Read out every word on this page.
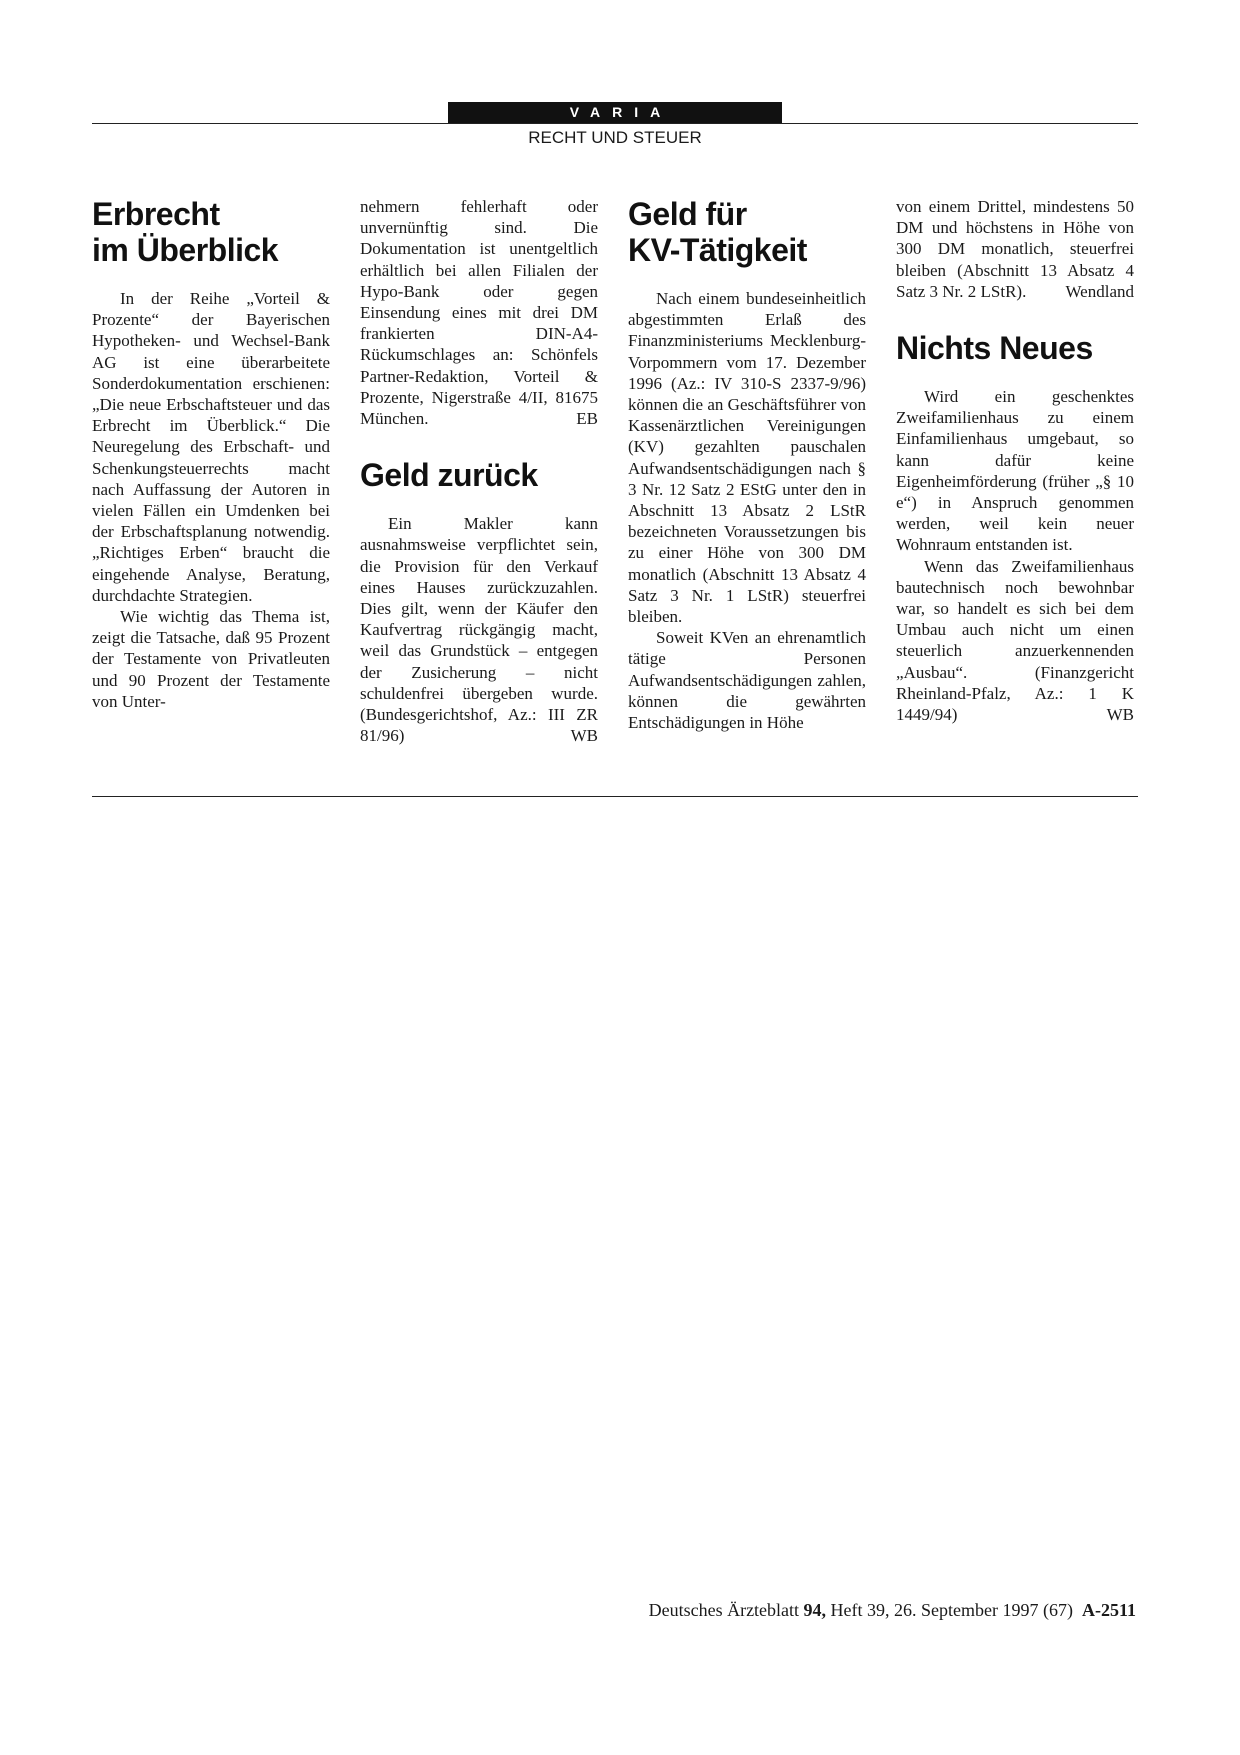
VARIA
RECHT UND STEUER
Erbrecht
im Überblick

In der Reihe „Vorteil & Prozente“ der Bayerischen Hypotheken- und Wechsel-Bank AG ist eine überarbeitete Sonderdokumentation erschienen: „Die neue Erbschaftsteuer und das Erbrecht im Überblick.“ Die Neuregelung des Erbschaft- und Schenkungsteuerrechts macht nach Auffassung der Autoren in vielen Fällen ein Umdenken bei der Erbschaftsplanung notwendig. „Richtiges Erben“ braucht die eingehende Analyse, Beratung, durchdachte Strategien.

Wie wichtig das Thema ist, zeigt die Tatsache, daß 95 Prozent der Testamente von Privatleuten und 90 Prozent der Testamente von Unter-

nehmern fehlerhaft oder unvernünftig sind. Die Dokumentation ist unentgeltlich erhältlich bei allen Filialen der Hypo-Bank oder gegen Einsendung eines mit drei DM frankierten DIN-A4-Rückumschlages an: Schönfels Partner-Redaktion, Vorteil & Prozente, Nigerstraße 4/II, 81675 München.	EB

Geld zurück

Ein Makler kann ausnahmsweise verpflichtet sein, die Provision für den Verkauf eines Hauses zurückzuzahlen. Dies gilt, wenn der Käufer den Kaufvertrag rückgängig macht, weil das Grundstück – entgegen der Zusicherung – nicht schuldenfrei übergeben wurde. (Bundesgerichtshof, Az.: III ZR 81/96)	WB

Geld für
KV-Tätigkeit

Nach einem bundeseinheitlich abgestimmten Erlaß des Finanzministeriums Mecklenburg-Vorpommern vom 17. Dezember 1996 (Az.: IV 310-S 2337-9/96) können die an Geschäftsführer von Kassenärztlichen Vereinigungen (KV) gezahlten pauschalen Aufwandsentschädigungen nach § 3 Nr. 12 Satz 2 EStG unter den in Abschnitt 13 Absatz 2 LStR bezeichneten Voraussetzungen bis zu einer Höhe von 300 DM monatlich (Abschnitt 13 Absatz 4 Satz 3 Nr. 1 LStR) steuerfrei bleiben.

Soweit KVen an ehrenamtlich tätige Personen Aufwandsentschädigungen zahlen, können die gewährten Entschädigungen in Höhe

von einem Drittel, mindestens 50 DM und höchstens in Höhe von 300 DM monatlich, steuerfrei bleiben (Abschnitt 13 Absatz 4 Satz 3 Nr. 2 LStR). Wendland

Nichts Neues

Wird ein geschenktes Zweifamilienhaus zu einem Einfamilienhaus umgebaut, so kann dafür keine Eigenheimförderung (früher „§ 10 e“) in Anspruch genommen werden, weil kein neuer Wohnraum entstanden ist.

Wenn das Zweifamilienhaus bautechnisch noch bewohnbar war, so handelt es sich bei dem Umbau auch nicht um einen steuerlich anzuerkennenden „Ausbau“. (Finanzgericht Rheinland-Pfalz, Az.: 1 K 1449/94)	WB

Deutsches Ärzteblatt 94, Heft 39, 26. September 1997 (67) A-2511
